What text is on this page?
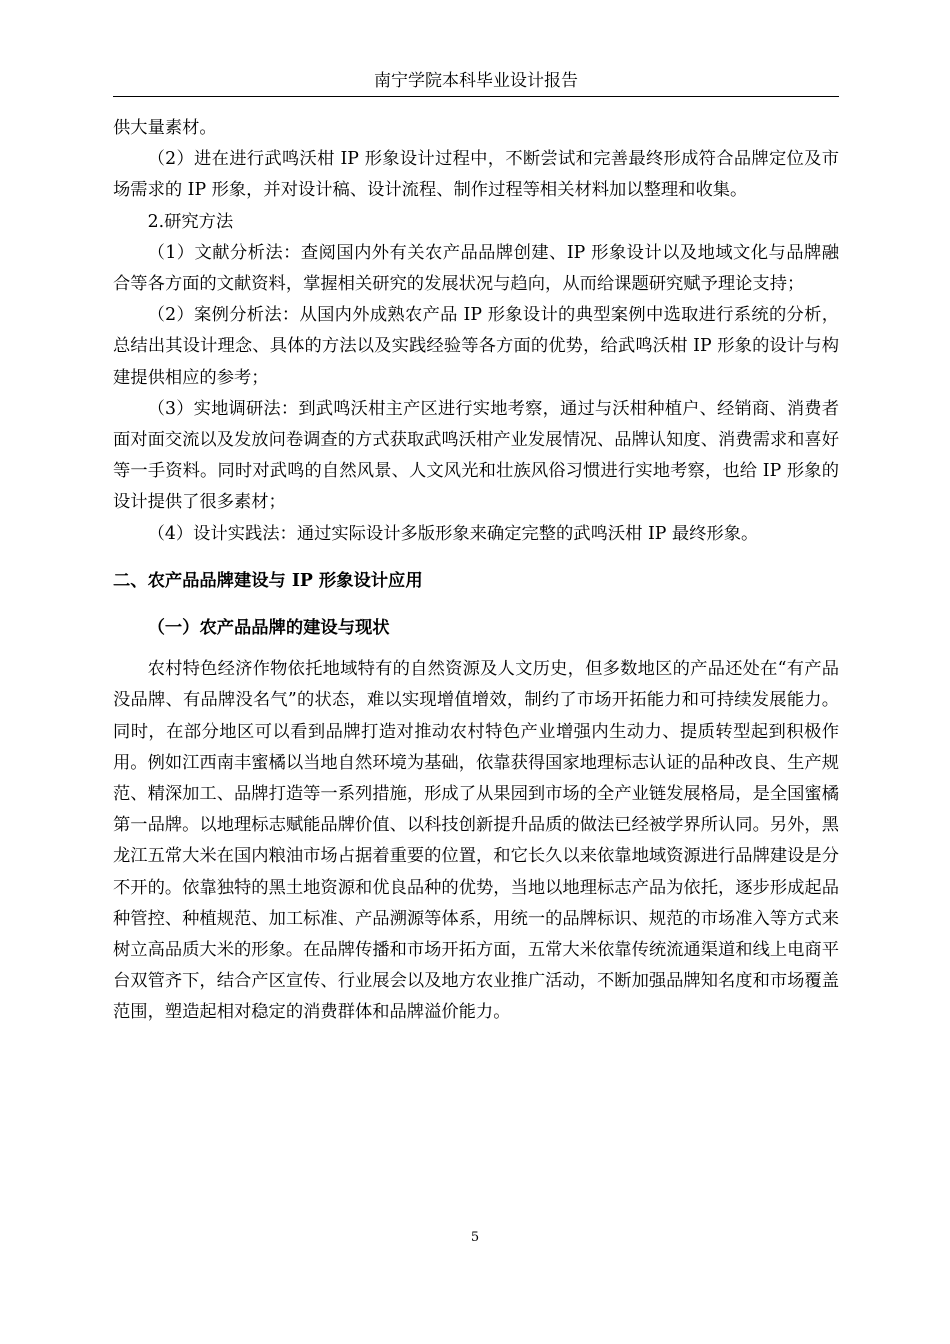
南宁学院本科毕业设计报告

供大量素材。

（2）进在进行武鸣沃柑 IP 形象设计过程中，不断尝试和完善最终形成符合品牌定位及市场需求的 IP 形象，并对设计稿、设计流程、制作过程等相关材料加以整理和收集。

2.研究方法

（1）文献分析法：查阅国内外有关农产品品牌创建、IP 形象设计以及地域文化与品牌融合等各方面的文献资料，掌握相关研究的发展状况与趋向，从而给课题研究赋予理论支持；

（2）案例分析法：从国内外成熟农产品 IP 形象设计的典型案例中选取进行系统的分析，总结出其设计理念、具体的方法以及实践经验等各方面的优势，给武鸣沃柑 IP 形象的设计与构建提供相应的参考；

（3）实地调研法：到武鸣沃柑主产区进行实地考察，通过与沃柑种植户、经销商、消费者面对面交流以及发放问卷调查的方式获取武鸣沃柑产业发展情况、品牌认知度、消费需求和喜好等一手资料。同时对武鸣的自然风景、人文风光和壮族风俗习惯进行实地考察，也给 IP 形象的设计提供了很多素材；

（4）设计实践法：通过实际设计多版形象来确定完整的武鸣沃柑 IP 最终形象。

二、农产品品牌建设与 IP 形象设计应用
（一）农产品品牌的建设与现状

农村特色经济作物依托地域特有的自然资源及人文历史，但多数地区的产品还处在“有产品没品牌、有品牌没名气”的状态，难以实现增值增效，制约了市场开拓能力和可持续发展能力。同时，在部分地区可以看到品牌打造对推动农村特色产业增强内生动力、提质转型起到积极作用。例如江西南丰蜜橘以当地自然环境为基础，依靠获得国家地理标志认证的品种改良、生产规范、精深加工、品牌打造等一系列措施，形成了从果园到市场的全产业链发展格局，是全国蜜橘第一品牌。以地理标志赋能品牌价值、以科技创新提升品质的做法已经被学界所认同。另外，黑龙江五常大米在国内粮油市场占据着重要的位置，和它长久以来依靠地域资源进行品牌建设是分不开的。依靠独特的黑土地资源和优良品种的优势，当地以地理标志产品为依托，逐步形成起品种管控、种植规范、加工标准、产品溯源等体系，用统一的品牌标识、规范的市场准入等方式来树立高品质大米的形象。在品牌传播和市场开拓方面，五常大米依靠传统流通渠道和线上电商平台双管齐下，结合产区宣传、行业展会以及地方农业推广活动，不断加强品牌知名度和市场覆盖范围，塑造起相对稳定的消费群体和品牌溢价能力。

5
